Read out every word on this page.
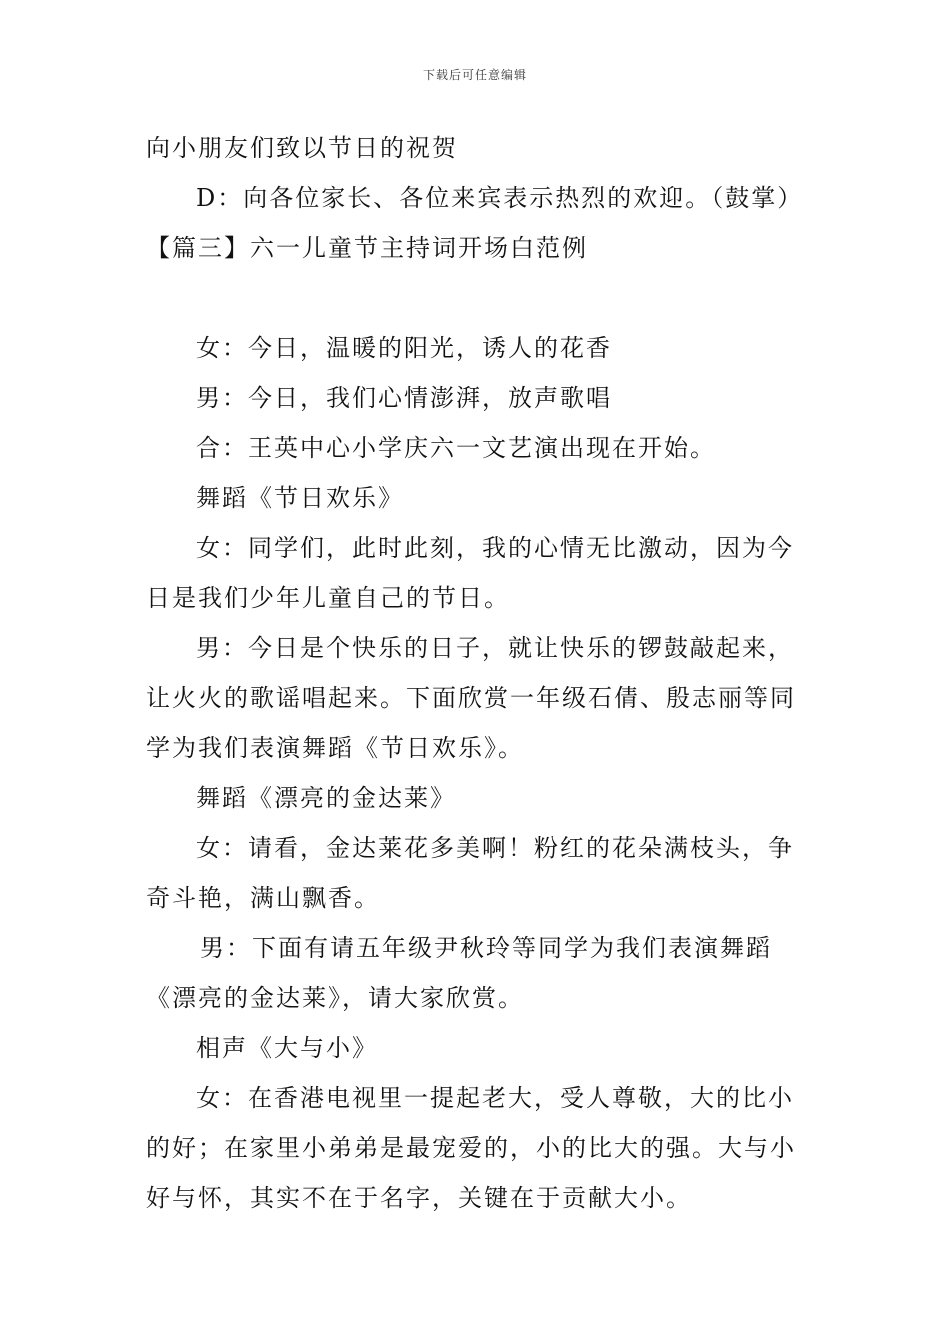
下载后可任意编辑
向小朋友们致以节日的祝贺
D：向各位家长、各位来宾表示热烈的欢迎。（鼓掌）
【篇三】六一儿童节主持词开场白范例
女：今日，温暖的阳光，诱人的花香
男：今日，我们心情澎湃，放声歌唱
合：王英中心小学庆六一文艺演出现在开始。
舞蹈《节日欢乐》
女：同学们，此时此刻，我的心情无比激动，因为今
日是我们少年儿童自己的节日。
男：今日是个快乐的日子，就让快乐的锣鼓敲起来，
让火火的歌谣唱起来。下面欣赏一年级石倩、殷志丽等同
学为我们表演舞蹈《节日欢乐》。
舞蹈《漂亮的金达莱》
女：请看，金达莱花多美啊！粉红的花朵满枝头，争
奇斗艳，满山飘香。
男：下面有请五年级尹秋玲等同学为我们表演舞蹈
《漂亮的金达莱》，请大家欣赏。
相声《大与小》
女：在香港电视里一提起老大，受人尊敬，大的比小
的好；在家里小弟弟是最宠爱的，小的比大的强。大与小
好与怀，其实不在于名字，关键在于贡献大小。
